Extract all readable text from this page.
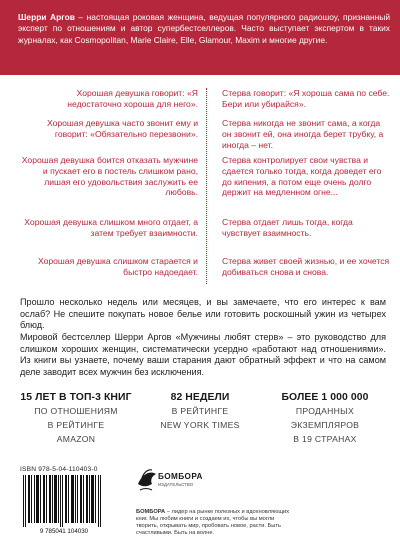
Шерри Аргов – настоящая роковая женщина, ведущая популярного радиошоу, признанный эксперт по отношениям и автор супербестселлеров. Часто выступает экспертом в таких журналах, как Cosmopolitan, Marie Claire, Elle, Glamour, Maxim и многие другие.
Хорошая девушка говорит: «Я недостаточно хороша для него».
Стерва говорит: «Я хороша сама по себе. Бери или убирайся».
Хорошая девушка часто звонит ему и говорит: «Обязательно перезвони».
Стерва никогда не звонит сама, а когда он звонит ей, она иногда берет трубку, а иногда – нет.
Хорошая девушка боится отказать мужчине и пускает его в постель слишком рано, лишая его удовольствия заслужить ее любовь.
Стерва контролирует свои чувства и сдается только тогда, когда доведет его до кипения, а потом еще очень долго держит на медленном огне...
Хорошая девушка слишком много отдает, а затем требует взаимности.
Стерва отдает лишь тогда, когда чувствует взаимность.
Хорошая девушка слишком старается и быстро надоедает.
Стерва живет своей жизнью, и ее хочется добиваться снова и снова.
Прошло несколько недель или месяцев, и вы замечаете, что его интерес к вам ослаб? Не спешите покупать новое белье или готовить роскошный ужин из четырех блюд.
Мировой бестселлер Шерри Аргов «Мужчины любят стерв» – это руководство для слишком хороших женщин, систематически усердно «работают над отношениями». Из книги вы узнаете, почему ваши старания дают обратный эффект и что на самом деле заводит всех мужчин без исключения.
15 ЛЕТ В ТОП-3 КНИГ
ПО ОТНОШЕНИЯМ
В РЕЙТИНГЕ
AMAZON
82 НЕДЕЛИ
В РЕЙТИНГЕ
NEW YORK TIMES
БОЛЕЕ 1 000 000
ПРОДАННЫХ
ЭКЗЕМПЛЯРОВ
В 19 СТРАНАХ
ISBN 978-5-04-110403-0
9 785041 104030
БОМБОРА
ИЗДАТЕЛЬСТВО
БОМБОРА – лидер на рынке полезных и вдохновляющих книг. Мы любим книги и создаем их, чтобы вы могли творить, открывать мир, пробовать новое, расти. Быть счастливыми. Быть на волне.
